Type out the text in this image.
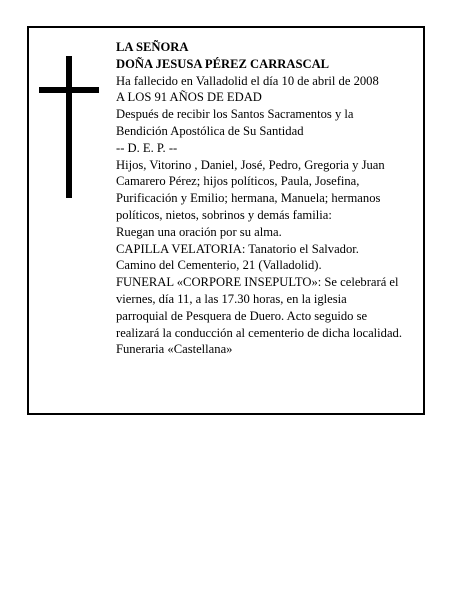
LA SEÑORA
DOÑA JESUSA PÉREZ CARRASCAL
Ha fallecido en Valladolid el día 10 de abril de 2008
A LOS 91 AÑOS DE EDAD
Después de recibir los Santos Sacramentos y la
Bendición Apostólica de Su Santidad
-- D. E. P. --
Hijos, Vitorino , Daniel, José, Pedro, Gregoria y Juan
Camarero Pérez; hijos políticos, Paula, Josefina,
Purificación y Emilio; hermana, Manuela; hermanos
políticos, nietos, sobrinos y demás familia:
Ruegan una oración por su alma.
CAPILLA VELATORIA: Tanatorio el Salvador.
Camino del Cementerio, 21 (Valladolid).
FUNERAL «CORPORE INSEPULTO»: Se celebrará el
viernes, día 11, a las 17.30 horas, en la iglesia
parroquial de Pesquera de Duero. Acto seguido se
realizará la conducción al cementerio de dicha localidad.
Funeraria «Castellana»
